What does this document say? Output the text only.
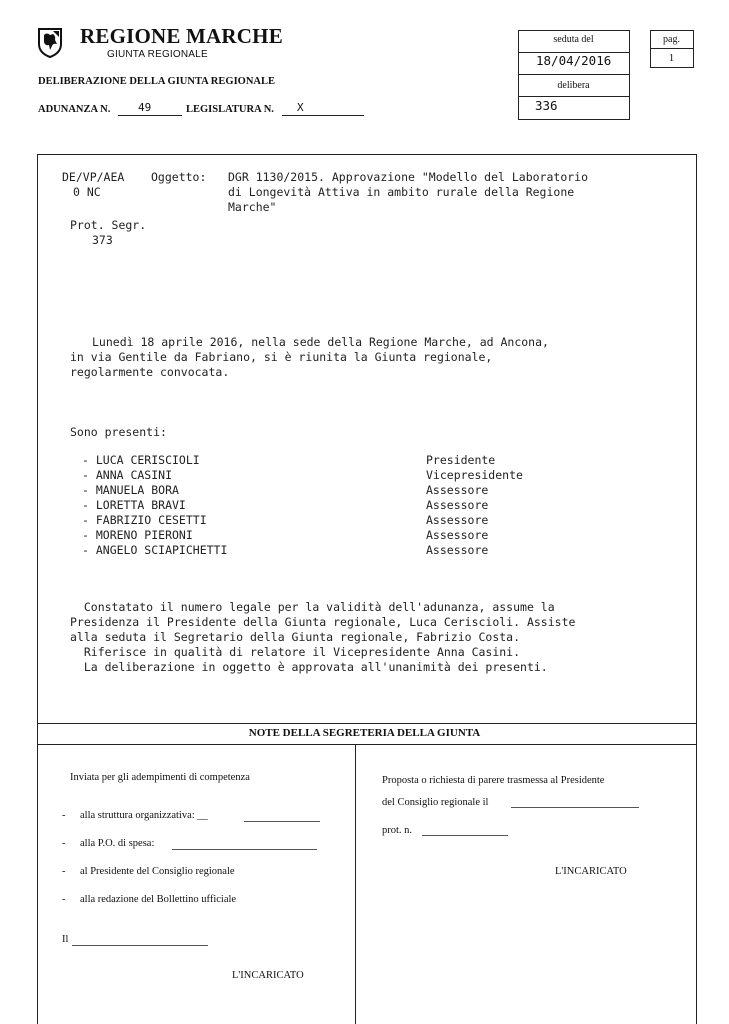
REGIONE MARCHE
GIUNTA REGIONALE
DELIBERAZIONE DELLA GIUNTA REGIONALE
ADUNANZA N.	49	LEGISLATURA N. X
seduta del
18/04/2016
delibera
336
pag.
1
DE/VP/AEA
0 NC
Oggetto: DGR 1130/2015. Approvazione "Modello del Laboratorio
di Longevità Attiva in ambito rurale della Regione
Marche"
Prot. Segr.
373
Lunedì 18 aprile 2016, nella sede della Regione Marche, ad Ancona,
in via Gentile da Fabriano, si è riunita la Giunta regionale,
regolarmente convocata.
Sono presenti:
- LUCA CERISCIOLI	Presidente
- ANNA CASINI	Vicepresidente
- MANUELA BORA	Assessore
- LORETTA BRAVI	Assessore
- FABRIZIO CESETTI	Assessore
- MORENO PIERONI	Assessore
- ANGELO SCIAPICHETTI	Assessore
Constatato il numero legale per la validità dell'adunanza, assume la
Presidenza il Presidente della Giunta regionale, Luca Ceriscioli. Assiste
alla seduta il Segretario della Giunta regionale, Fabrizio Costa.
Riferisce in qualità di relatore il Vicepresidente Anna Casini.
La deliberazione in oggetto è approvata all'unanimità dei presenti.
NOTE DELLA SEGRETERIA DELLA GIUNTA
Inviata per gli adempimenti di competenza
- alla struttura organizzativa: __
- alla P.O. di spesa:
- al Presidente del Consiglio regionale
- alla redazione del Bollettino ufficiale
Il
L'INCARICATO
Proposta o richiesta di parere trasmessa al Presidente
del Consiglio regionale il
prot. n.
L'INCARICATO
